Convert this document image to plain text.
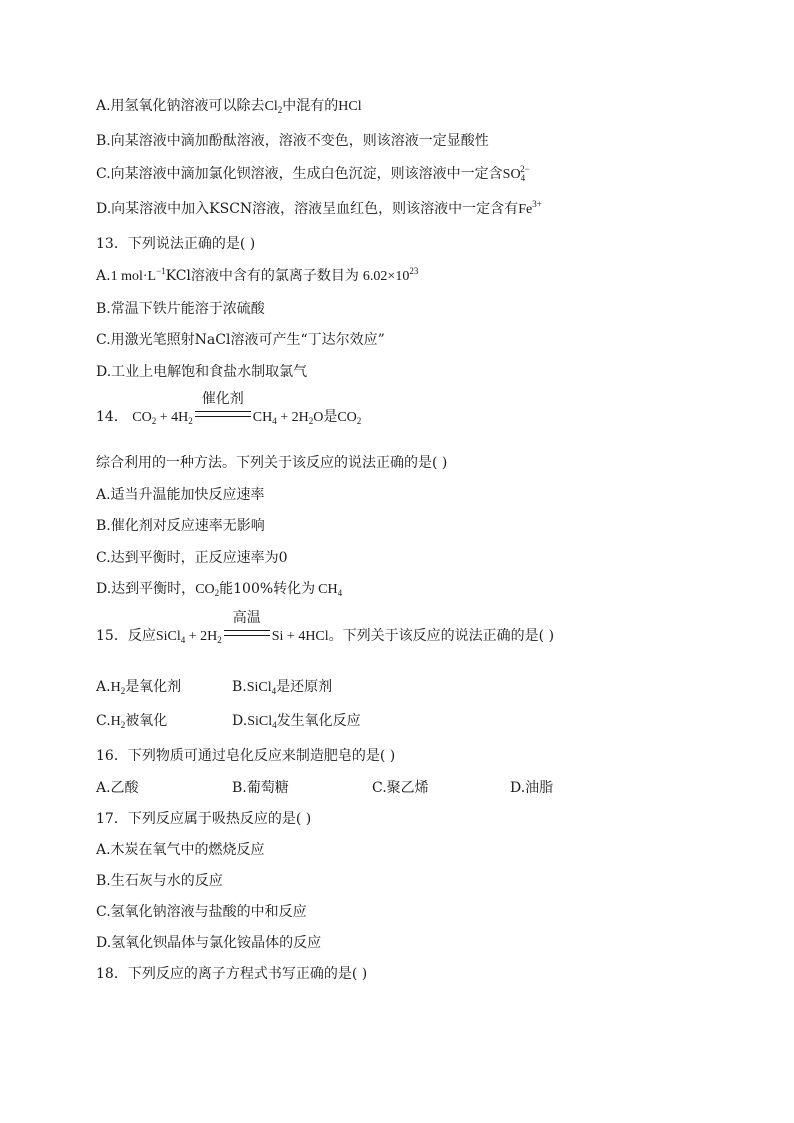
A.用氢氧化钠溶液可以除去$Cl_2$中混有的HCl
B.向某溶液中滴加酚酞溶液，溶液不变色，则该溶液一定显酸性
C.向某溶液中滴加氯化钡溶液，生成白色沉淀，则该溶液中一定含$SO_4^{2-}$
D.向某溶液中加入KSCN溶液，溶液呈血红色，则该溶液中一定含有$Fe^{3+}$
13．下列说法正确的是( )
A.1 $mol\cdot L^{-1}KCl$溶液中含有的氯离子数目为 $6.02\times 10^{23}$
B.常温下铁片能溶于浓硫酸
C.用激光笔照射NaCl溶液可产生“丁达尔效应”
D.工业上电解饱和食盐水制取氯气
14． $CO_2 + 4H_2$
催化剂
$CH_4 + 2H_2O$是$CO_2$
综合利用的一种方法。下列关于该反应的说法正确的是( )
A.适当升温能加快反应速率
B.催化剂对反应速率无影响
C.达到平衡时，正反应速率为0
D.达到平衡时，$CO_2$能100%转化为 $CH_4$
15．反应SiCl$_4$ + $2H_2$
高温
Si + 4HCl。下列关于该反应的说法正确的是( )
$A.H_2$是氧化剂	B.SiCl$_4$是还原剂
$C.H_2$被氧化	D.SiCl$_4$发生氧化反应
16．下列物质可通过皂化反应来制造肥皂的是( )
A.乙酸	B.葡萄糖	C.聚乙烯	D.油脂
17．下列反应属于吸热反应的是( )
A.木炭在氧气中的燃烧反应
B.生石灰与水的反应
C.氢氧化钠溶液与盐酸的中和反应
D.氢氧化钡晶体与氯化铵晶体的反应
18．下列反应的离子方程式书写正确的是( )
